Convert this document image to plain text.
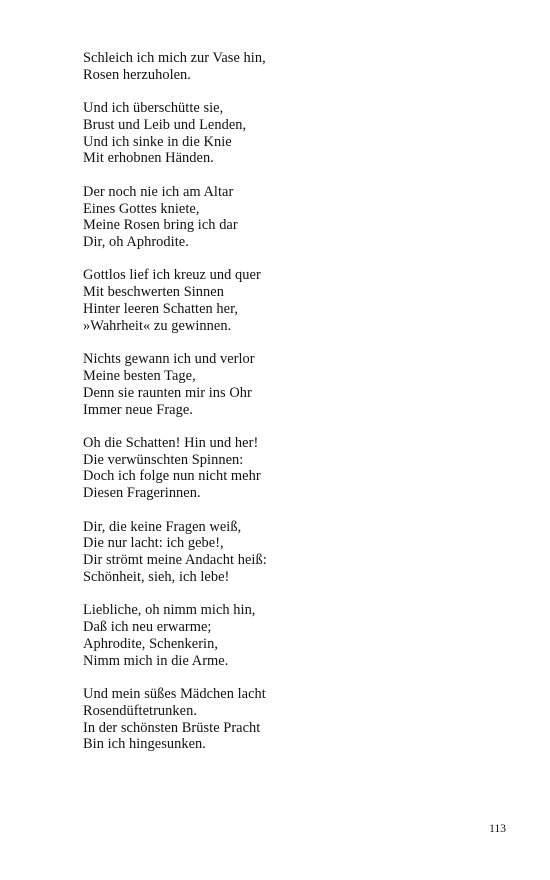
Schleich ich mich zur Vase hin,
Rosen herzuholen.
Und ich überschütte sie,
Brust und Leib und Lenden,
Und ich sinke in die Knie
Mit erhobnen Händen.
Der noch nie ich am Altar
Eines Gottes kniete,
Meine Rosen bring ich dar
Dir, oh Aphrodite.
Gottlos lief ich kreuz und quer
Mit beschwerten Sinnen
Hinter leeren Schatten her,
»Wahrheit« zu gewinnen.
Nichts gewann ich und verlor
Meine besten Tage,
Denn sie raunten mir ins Ohr
Immer neue Frage.
Oh die Schatten! Hin und her!
Die verwünschten Spinnen:
Doch ich folge nun nicht mehr
Diesen Fragerinnen.
Dir, die keine Fragen weiß,
Die nur lacht: ich gebe!,
Dir strömt meine Andacht heiß:
Schönheit, sieh, ich lebe!
Liebliche, oh nimm mich hin,
Daß ich neu erwarme;
Aphrodite, Schenkerin,
Nimm mich in die Arme.
Und mein süßes Mädchen lacht
Rosendüftetrunken.
In der schönsten Brüste Pracht
Bin ich hingesunken.
113
